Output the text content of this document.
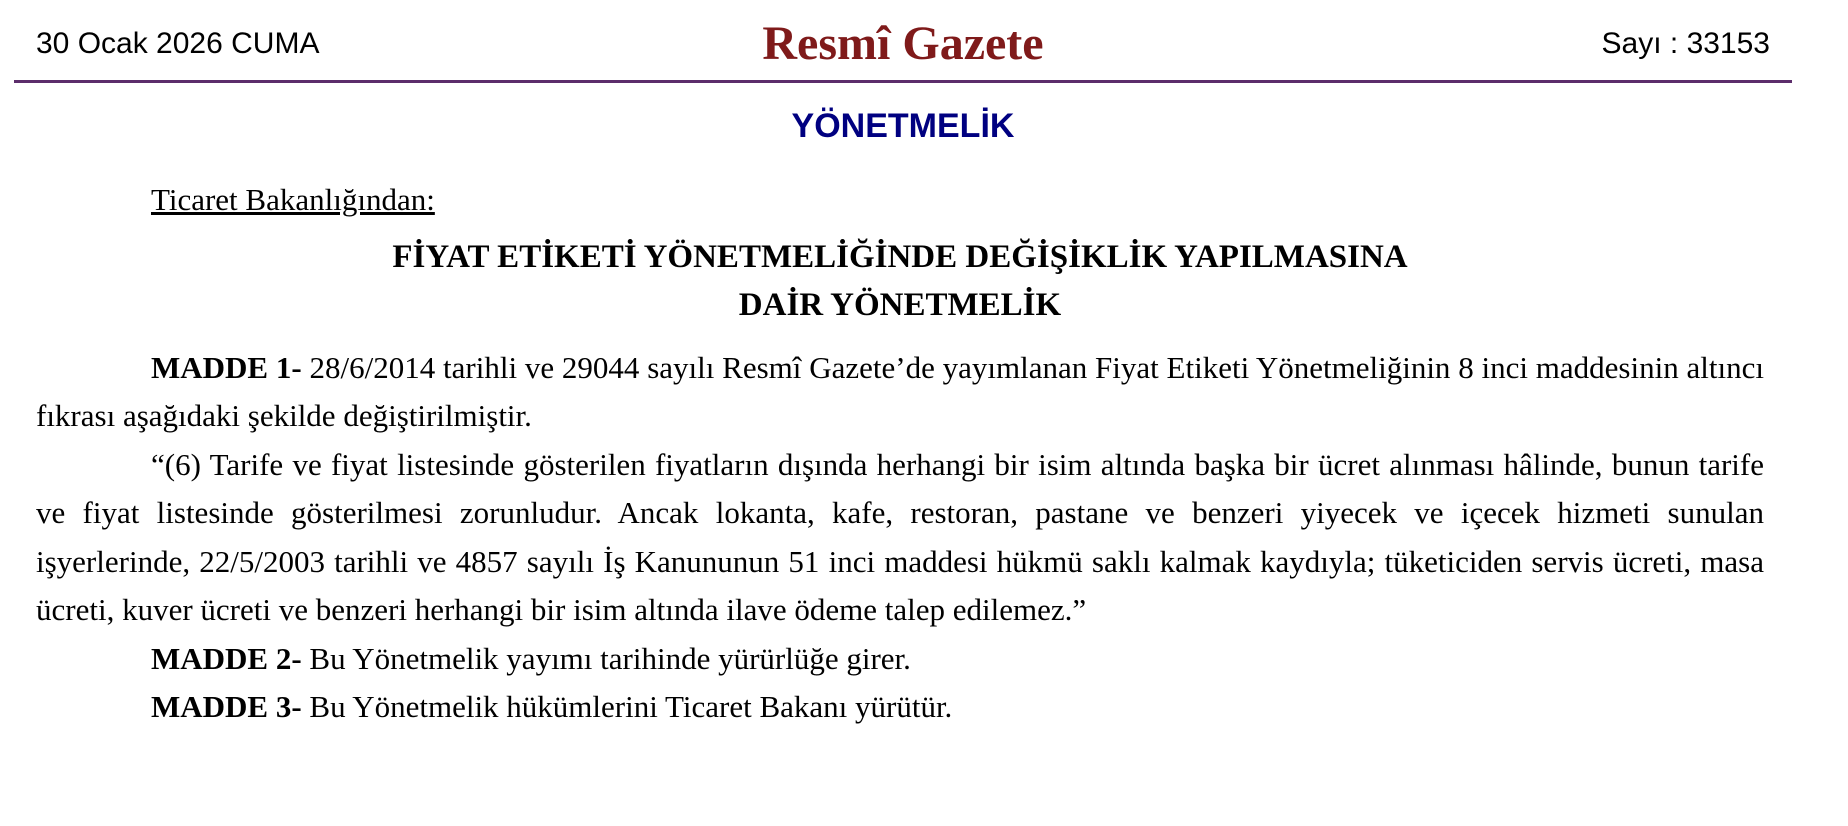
30 Ocak 2026 CUMA	Resmî Gazete	Sayı : 33153
YÖNETMELİK

Ticaret Bakanlığından:

FİYAT ETİKETİ YÖNETMELİĞİNDE DEĞİŞİKLİK YAPILMASINA
DAİR YÖNETMELİK

MADDE 1- 28/6/2014 tarihli ve 29044 sayılı Resmî Gazete’de yayımlanan Fiyat Etiketi Yönetmeliğinin 8 inci maddesinin altıncı fıkrası aşağıdaki şekilde değiştirilmiştir.

“(6) Tarife ve fiyat listesinde gösterilen fiyatların dışında herhangi bir isim altında başka bir ücret alınması hâlinde, bunun tarife ve fiyat listesinde gösterilmesi zorunludur. Ancak lokanta, kafe, restoran, pastane ve benzeri yiyecek ve içecek hizmeti sunulan işyerlerinde, 22/5/2003 tarihli ve 4857 sayılı İş Kanununun 51 inci maddesi hükmü saklı kalmak kaydıyla; tüketiciden servis ücreti, masa ücreti, kuver ücreti ve benzeri herhangi bir isim altında ilave ödeme talep edilemez.”

MADDE 2- Bu Yönetmelik yayımı tarihinde yürürlüğe girer.

MADDE 3- Bu Yönetmelik hükümlerini Ticaret Bakanı yürütür.
